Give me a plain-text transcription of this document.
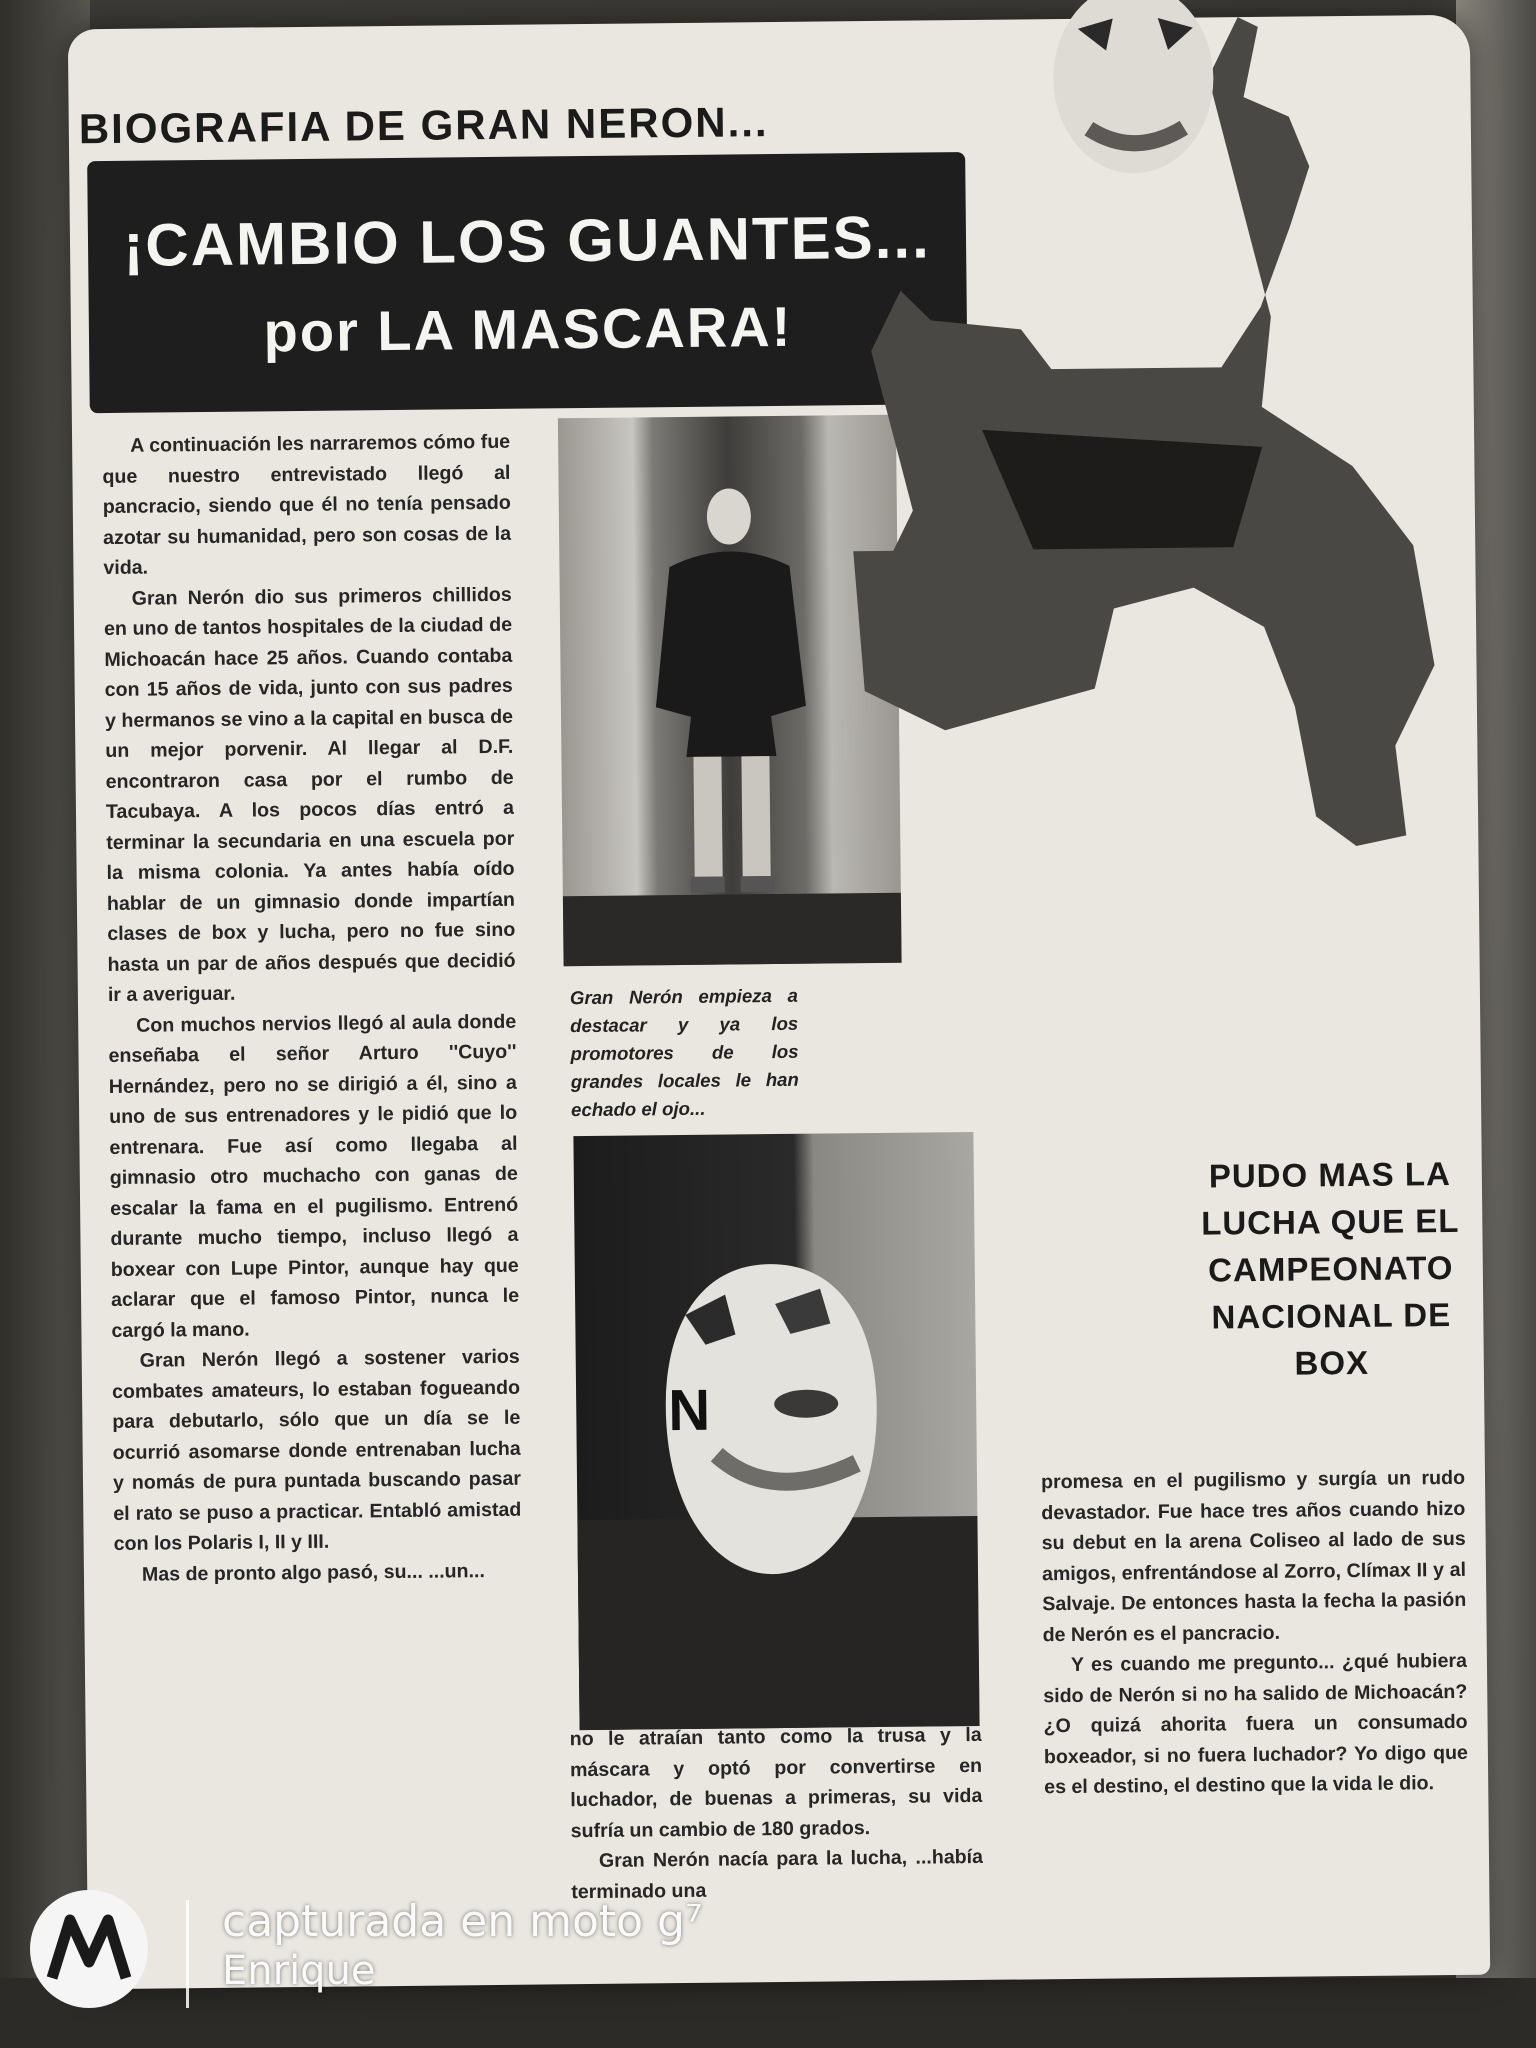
BIOGRAFIA DE GRAN NERON...
¡CAMBIO LOS GUANTES...
por LA MASCARA!

A continuación les narraremos cómo fue que nuestro entrevistado llegó al pancracio, siendo que él no tenía pensado azotar su humanidad, pero son cosas de la vida.

Gran Nerón dio sus primeros chillidos en uno de tantos hospitales de la ciudad de Michoacán hace 25 años. Cuando contaba con 15 años de vida, junto con sus padres y hermanos se vino a la capital en busca de un mejor porvenir. Al llegar al D.F. encontraron casa por el rumbo de Tacubaya. A los pocos días entró a terminar la secundaria en una escuela por la misma colonia. Ya antes había oído hablar de un gimnasio donde impartían clases de box y lucha, pero no fue sino hasta un par de años después que decidió ir a averiguar.

Con muchos nervios llegó al aula donde enseñaba el señor Arturo ''Cuyo'' Hernández, pero no se dirigió a él, sino a uno de sus entrenadores y le pidió que lo entrenara. Fue así como llegaba al gimnasio otro muchacho con ganas de escalar la fama en el pugilismo. Entrenó durante mucho tiempo, incluso llegó a boxear con Lupe Pintor, aunque hay que aclarar que el famoso Pintor, nunca le cargó la mano.

Gran Nerón llegó a sostener varios combates amateurs, lo estaban fogueando para debutarlo, sólo que un día se le ocurrió asomarse donde entrenaban lucha y nomás de pura puntada buscando pasar el rato se puso a practicar. Entabló amistad con los Polaris I, II y III.

Mas de pronto algo pasó, su... ...un...

Gran Nerón empieza a destacar y ya los promotores de los grandes locales le han echado el ojo...
N

no le atraían tanto como la trusa y la máscara y optó por convertirse en luchador, de buenas a primeras, su vida sufría un cambio de 180 grados.

Gran Nerón nacía para la lucha, ...había terminado una

PUDO MAS LA LUCHA QUE EL CAMPEONATO NACIONAL DE BOX

promesa en el pugilismo y surgía un rudo devastador. Fue hace tres años cuando hizo su debut en la arena Coliseo al lado de sus amigos, enfrentándose al Zorro, Clímax II y al Salvaje. De entonces hasta la fecha la pasión de Nerón es el pancracio.

Y es cuando me pregunto... ¿qué hubiera sido de Nerón si no ha salido de Michoacán? ¿O quizá ahorita fuera un consumado boxeador, si no fuera luchador? Yo digo que es el destino, el destino que la vida le dio.

capturada en moto g⁷
Enrique
